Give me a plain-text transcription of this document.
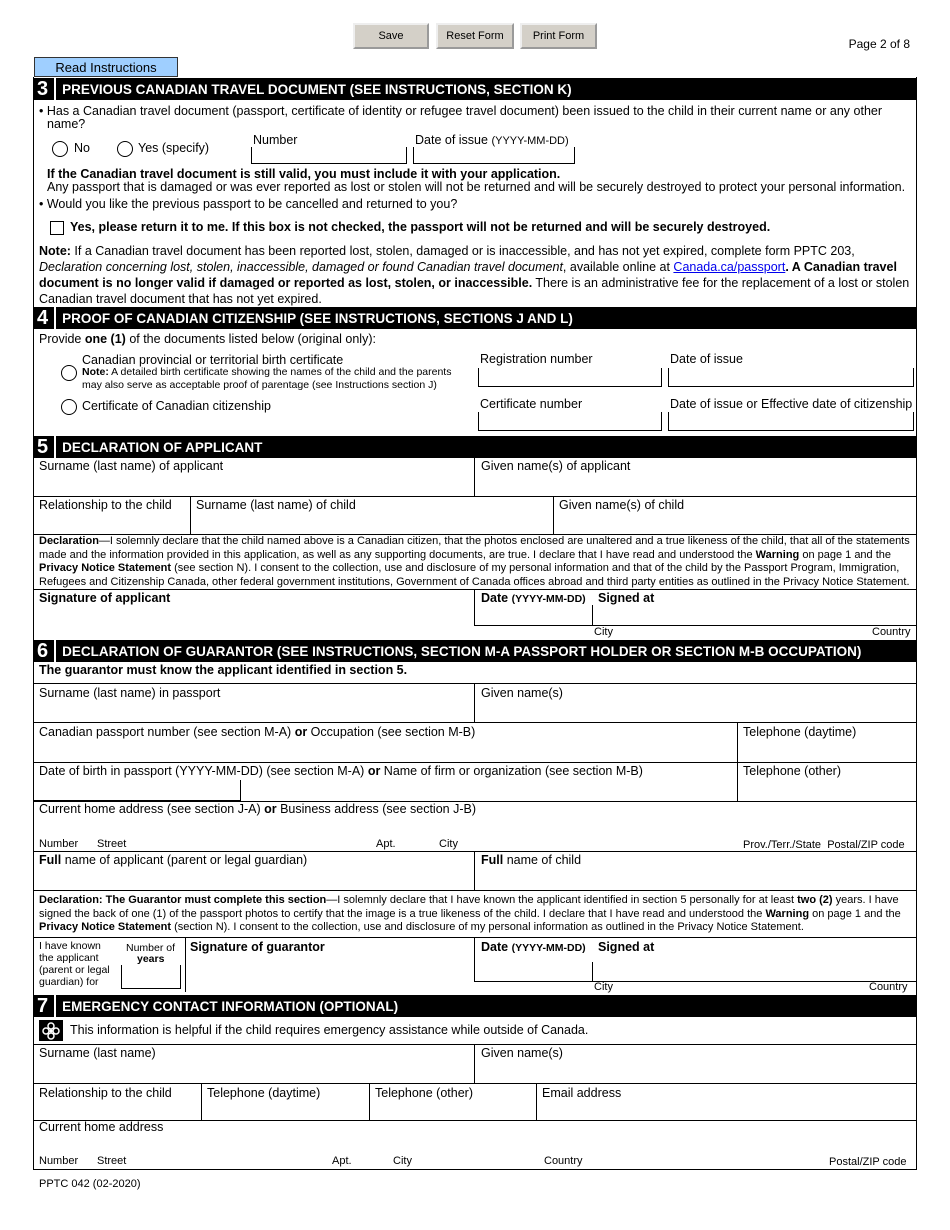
Save	Reset Form	Print Form
Page 2 of 8
Read Instructions
3	PREVIOUS CANADIAN TRAVEL DOCUMENT (SEE INSTRUCTIONS, SECTION K)
• Has a Canadian travel document (passport, certificate of identity or refugee travel document) been issued to the child in their current name or any other
name?
No	Yes (specify)
Number	Date of issue (YYYY-MM-DD)
If the Canadian travel document is still valid, you must include it with your application.
Any passport that is damaged or was ever reported as lost or stolen will not be returned and will be securely destroyed to protect your personal information.
• Would you like the previous passport to be cancelled and returned to you?
Yes, please return it to me. If this box is not checked, the passport will not be returned and will be securely destroyed.
Note: If a Canadian travel document has been reported lost, stolen, damaged or is inaccessible, and has not yet expired, complete form PPTC 203,
Declaration concerning lost, stolen, inaccessible, damaged or found Canadian travel document, available online at Canada.ca/passport. A Canadian travel
document is no longer valid if damaged or reported as lost, stolen, or inaccessible. There is an administrative fee for the replacement of a lost or stolen
Canadian travel document that has not yet expired.
4	PROOF OF CANADIAN CITIZENSHIP (SEE INSTRUCTIONS, SECTIONS J AND L)
Provide one (1) of the documents listed below (original only):
Canadian provincial or territorial birth certificate
Note: A detailed birth certificate showing the names of the child and the parents
may also serve as acceptable proof of parentage (see Instructions section J)
Registration number	Date of issue
Certificate of Canadian citizenship	Certificate number	Date of issue or Effective date of citizenship
5	DECLARATION OF APPLICANT
Surname (last name) of applicant	Given name(s) of applicant
Relationship to the child Surname (last name) of child	Given name(s) of child
Declaration—I solemnly declare that the child named above is a Canadian citizen, that the photos enclosed are unaltered and a true likeness of the child, that all of the statements
made and the information provided in this application, as well as any supporting documents, are true. I declare that I have read and understood the Warning on page 1 and the
Privacy Notice Statement (see section N). I consent to the collection, use and disclosure of my personal information and that of the child by the Passport Program, Immigration,
Refugees and Citizenship Canada, other federal government institutions, Government of Canada offices abroad and third party entities as outlined in the Privacy Notice Statement.
Signature of applicant	Date (YYYY-MM-DD) Signed at
City	Country
6	DECLARATION OF GUARANTOR (SEE INSTRUCTIONS, SECTION M-A PASSPORT HOLDER OR SECTION M-B OCCUPATION)
The guarantor must know the applicant identified in section 5.
Surname (last name) in passport	Given name(s)
Canadian passport number (see section M-A) or Occupation (see section M-B)	Telephone (daytime)
Date of birth in passport (YYYY-MM-DD) (see section M-A) or Name of firm or organization (see section M-B)	Telephone (other)
Current home address (see section J-A) or Business address (see section J-B)
Number Street	Apt.	City	Prov./Terr./State Postal/ZIP code
Full name of applicant (parent or legal guardian)	Full name of child
Declaration: The Guarantor must complete this section—I solemnly declare that I have known the applicant identified in section 5 personally for at least two (2) years. I have
signed the back of one (1) of the passport photos to certify that the image is a true likeness of the child. I declare that I have read and understood the Warning on page 1 and the
Privacy Notice Statement (section N). I consent to the collection, use and disclosure of my personal information as outlined in the Privacy Notice Statement.
I have known
the applicant
(parent or legal
guardian) for
Number of
years
Signature of guarantor	Date (YYYY-MM-DD) Signed at
City	Country
7	EMERGENCY CONTACT INFORMATION (OPTIONAL)
This information is helpful if the child requires emergency assistance while outside of Canada.
Surname (last name)	Given name(s)
Relationship to the child	Telephone (daytime)	Telephone (other)	Email address
Current home address
Number Street	Apt.	City	Country	Postal/ZIP code
PPTC 042 (02-2020)
